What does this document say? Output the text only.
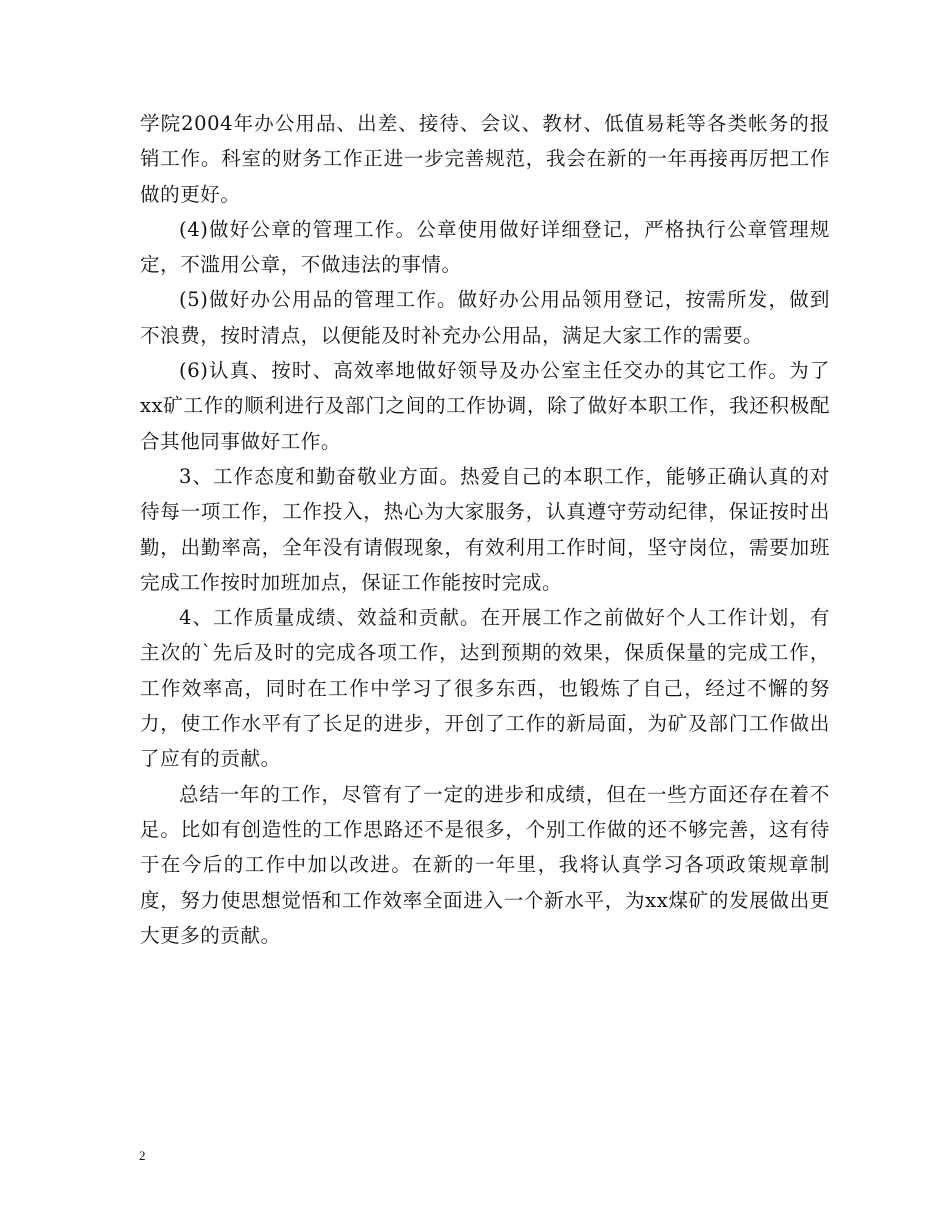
学院2004年办公用品、出差、接待、会议、教材、低值易耗等各类帐务的报销工作。科室的财务工作正进一步完善规范，我会在新的一年再接再厉把工作做的更好。

(4)做好公章的管理工作。公章使用做好详细登记，严格执行公章管理规定，不滥用公章，不做违法的事情。

(5)做好办公用品的管理工作。做好办公用品领用登记，按需所发，做到不浪费，按时清点，以便能及时补充办公用品，满足大家工作的需要。

(6)认真、按时、高效率地做好领导及办公室主任交办的其它工作。为了xx矿工作的顺利进行及部门之间的工作协调，除了做好本职工作，我还积极配合其他同事做好工作。

3、工作态度和勤奋敬业方面。热爱自己的本职工作，能够正确认真的对待每一项工作，工作投入，热心为大家服务，认真遵守劳动纪律，保证按时出勤，出勤率高，全年没有请假现象，有效利用工作时间，坚守岗位，需要加班完成工作按时加班加点，保证工作能按时完成。

4、工作质量成绩、效益和贡献。在开展工作之前做好个人工作计划，有主次的`先后及时的完成各项工作，达到预期的效果，保质保量的完成工作，工作效率高，同时在工作中学习了很多东西，也锻炼了自己，经过不懈的努力，使工作水平有了长足的进步，开创了工作的新局面，为矿及部门工作做出了应有的贡献。

总结一年的工作，尽管有了一定的进步和成绩，但在一些方面还存在着不足。比如有创造性的工作思路还不是很多，个别工作做的还不够完善，这有待于在今后的工作中加以改进。在新的一年里，我将认真学习各项政策规章制度，努力使思想觉悟和工作效率全面进入一个新水平，为xx煤矿的发展做出更大更多的贡献。

2
